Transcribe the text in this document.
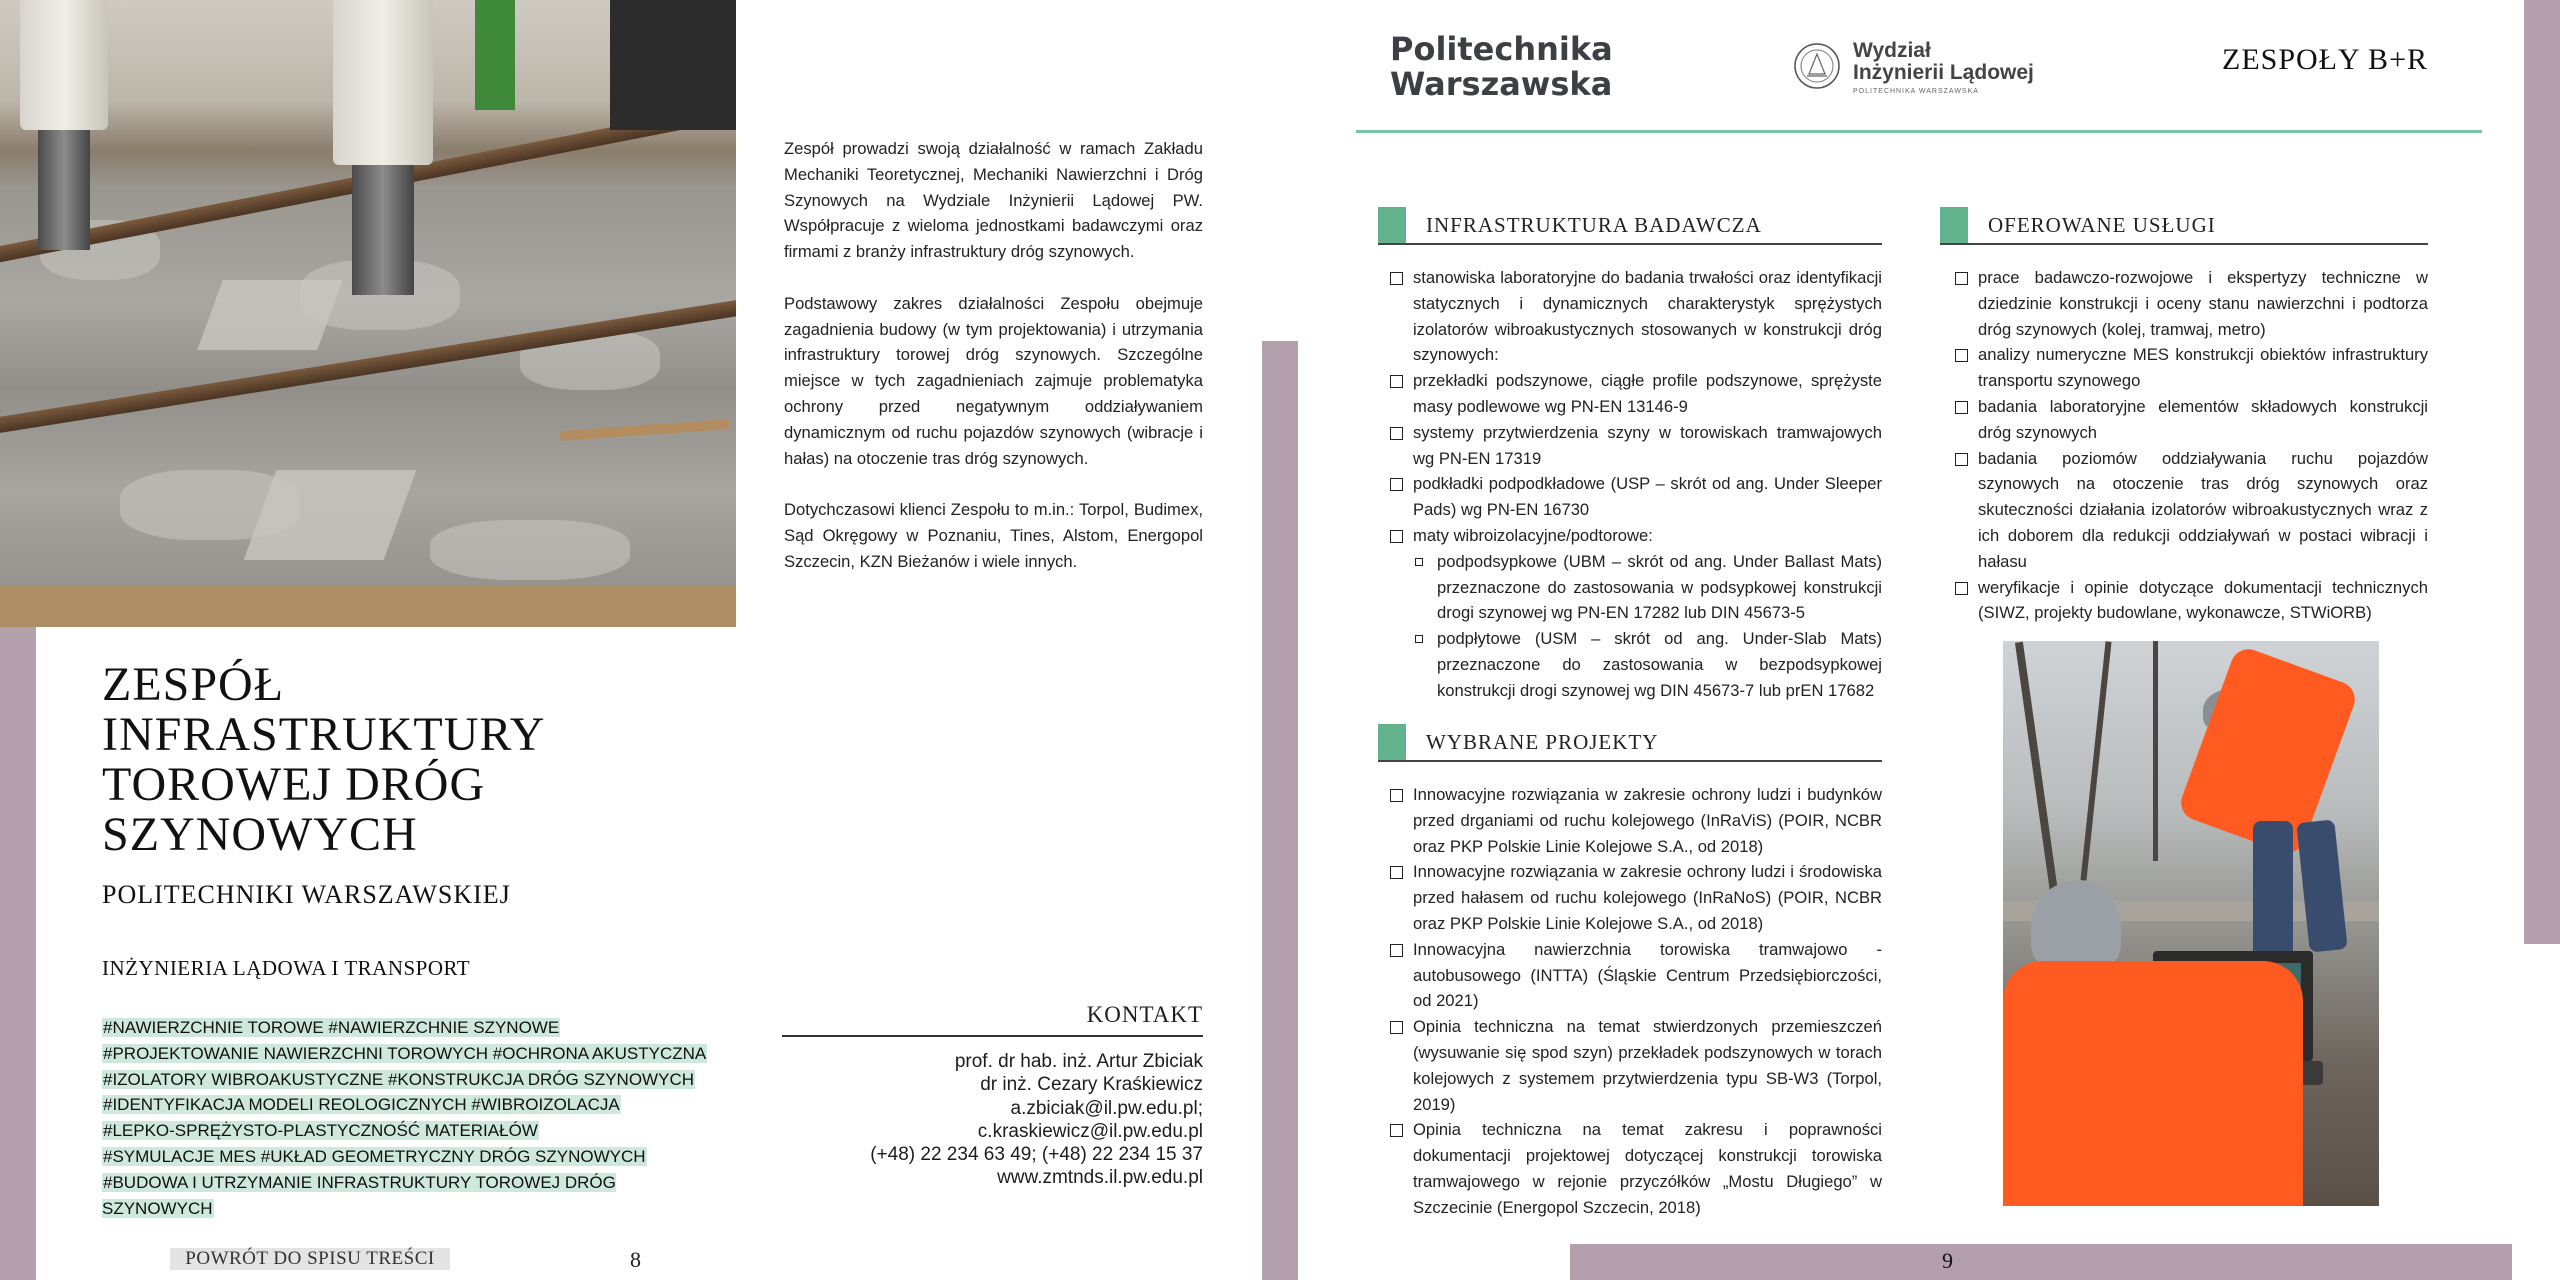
Zespół prowadzi swoją działalność w ramach Zakładu Mechaniki Teoretycznej, Mechaniki Nawierzchni i Dróg Szynowych na Wydziale Inżynierii Lądowej PW. Współpracuje z wieloma jednostkami badawczymi oraz firmami z branży infrastruktury dróg szynowych.

Podstawowy zakres działalności Zespołu obejmuje zagadnienia budowy (w tym projektowania) i utrzymania infrastruktury torowej dróg szynowych. Szczególne miejsce w tych zagadnieniach zajmuje problematyka ochrony przed negatywnym oddziaływaniem dynamicznym od ruchu pojazdów szynowych (wibracje i hałas) na otoczenie tras dróg szynowych.

Dotychczasowi klienci Zespołu to m.in.: Torpol, Budimex, Sąd Okręgowy w Poznaniu, Tines, Alstom, Energopol Szczecin, KZN Bieżanów i wiele innych.

ZESPÓŁ
INFRASTRUKTURY
TOROWEJ DRÓG
SZYNOWYCH
POLITECHNIKI WARSZAWSKIEJ
INŻYNIERIA LĄDOWA I TRANSPORT
#NAWIERZCHNIE TOROWE #NAWIERZCHNIE SZYNOWE
#PROJEKTOWANIE NAWIERZCHNI TOROWYCH #OCHRONA AKUSTYCZNA
#IZOLATORY WIBROAKUSTYCZNE #KONSTRUKCJA DRÓG SZYNOWYCH
#IDENTYFIKACJA MODELI REOLOGICZNYCH #WIBROIZOLACJA
#LEPKO-SPRĘŻYSTO-PLASTYCZNOŚĆ MATERIAŁÓW
#SYMULACJE MES #UKŁAD GEOMETRYCZNY DRÓG SZYNOWYCH
#BUDOWA I UTRZYMANIE INFRASTRUKTURY TOROWEJ DRÓG SZYNOWYCH
KONTAKT
prof. dr hab. inż. Artur Zbiciak
dr inż. Cezary Kraśkiewicz
a.zbiciak@il.pw.edu.pl;
c.kraskiewicz@il.pw.edu.pl
(+48) 22 234 63 49; (+48) 22 234 15 37
www.zmtnds.il.pw.edu.pl
POWRÓT DO SPISU TREŚCI	8
Politechnika
Warszawska
Wydział
Inżynierii Lądowej
POLITECHNIKA WARSZAWSKA
ZESPOŁY B+R
INFRASTRUKTURA BADAWCZA
stanowiska laboratoryjne do badania trwałości oraz identyfikacji statycznych i dynamicznych charakterystyk sprężystych izolatorów wibroakustycznych stosowanych w konstrukcji dróg szynowych:
przekładki podszynowe, ciągłe profile podszynowe, sprężyste masy podlewowe wg PN-EN 13146-9
systemy przytwierdzenia szyny w torowiskach tramwajowych wg PN-EN 17319
podkładki podpodkładowe (USP – skrót od ang. Under Sleeper Pads) wg PN-EN 16730
maty wibroizolacyjne/podtorowe:
podpodsypkowe (UBM – skrót od ang. Under Ballast Mats) przeznaczone do zastosowania w podsypkowej konstrukcji drogi szynowej wg PN-EN 17282 lub DIN 45673-5
podpłytowe (USM – skrót od ang. Under-Slab Mats) przeznaczone do zastosowania w bezpodsypkowej konstrukcji drogi szynowej wg DIN 45673-7 lub prEN 17682
WYBRANE PROJEKTY
Innowacyjne rozwiązania w zakresie ochrony ludzi i budynków przed drganiami od ruchu kolejowego (InRaViS) (POIR, NCBR oraz PKP Polskie Linie Kolejowe S.A., od 2018)
Innowacyjne rozwiązania w zakresie ochrony ludzi i środowiska przed hałasem od ruchu kolejowego (InRaNoS) (POIR, NCBR oraz PKP Polskie Linie Kolejowe S.A., od 2018)
Innowacyjna nawierzchnia torowiska tramwajowo -autobusowego (INTTA) (Śląskie Centrum Przedsiębiorczości, od 2021)
Opinia techniczna na temat stwierdzonych przemieszczeń (wysuwanie się spod szyn) przekładek podszynowych w torach kolejowych z systemem przytwierdzenia typu SB-W3 (Torpol, 2019)
Opinia techniczna na temat zakresu i poprawności dokumentacji projektowej dotyczącej konstrukcji torowiska tramwajowego w rejonie przyczółków „Mostu Długiego” w Szczecinie (Energopol Szczecin, 2018)
OFEROWANE USŁUGI
prace badawczo-rozwojowe i ekspertyzy techniczne w dziedzinie konstrukcji i oceny stanu nawierzchni i podtorza dróg szynowych (kolej, tramwaj, metro)
analizy numeryczne MES konstrukcji obiektów infrastruktury transportu szynowego
badania laboratoryjne elementów składowych konstrukcji dróg szynowych
badania poziomów oddziaływania ruchu pojazdów szynowych na otoczenie tras dróg szynowych oraz skuteczności działania izolatorów wibroakustycznych wraz z ich doborem dla redukcji oddziaływań w postaci wibracji i hałasu
weryfikacje i opinie dotyczące dokumentacji technicznych (SIWZ, projekty budowlane, wykonawcze, STWiORB)
9
